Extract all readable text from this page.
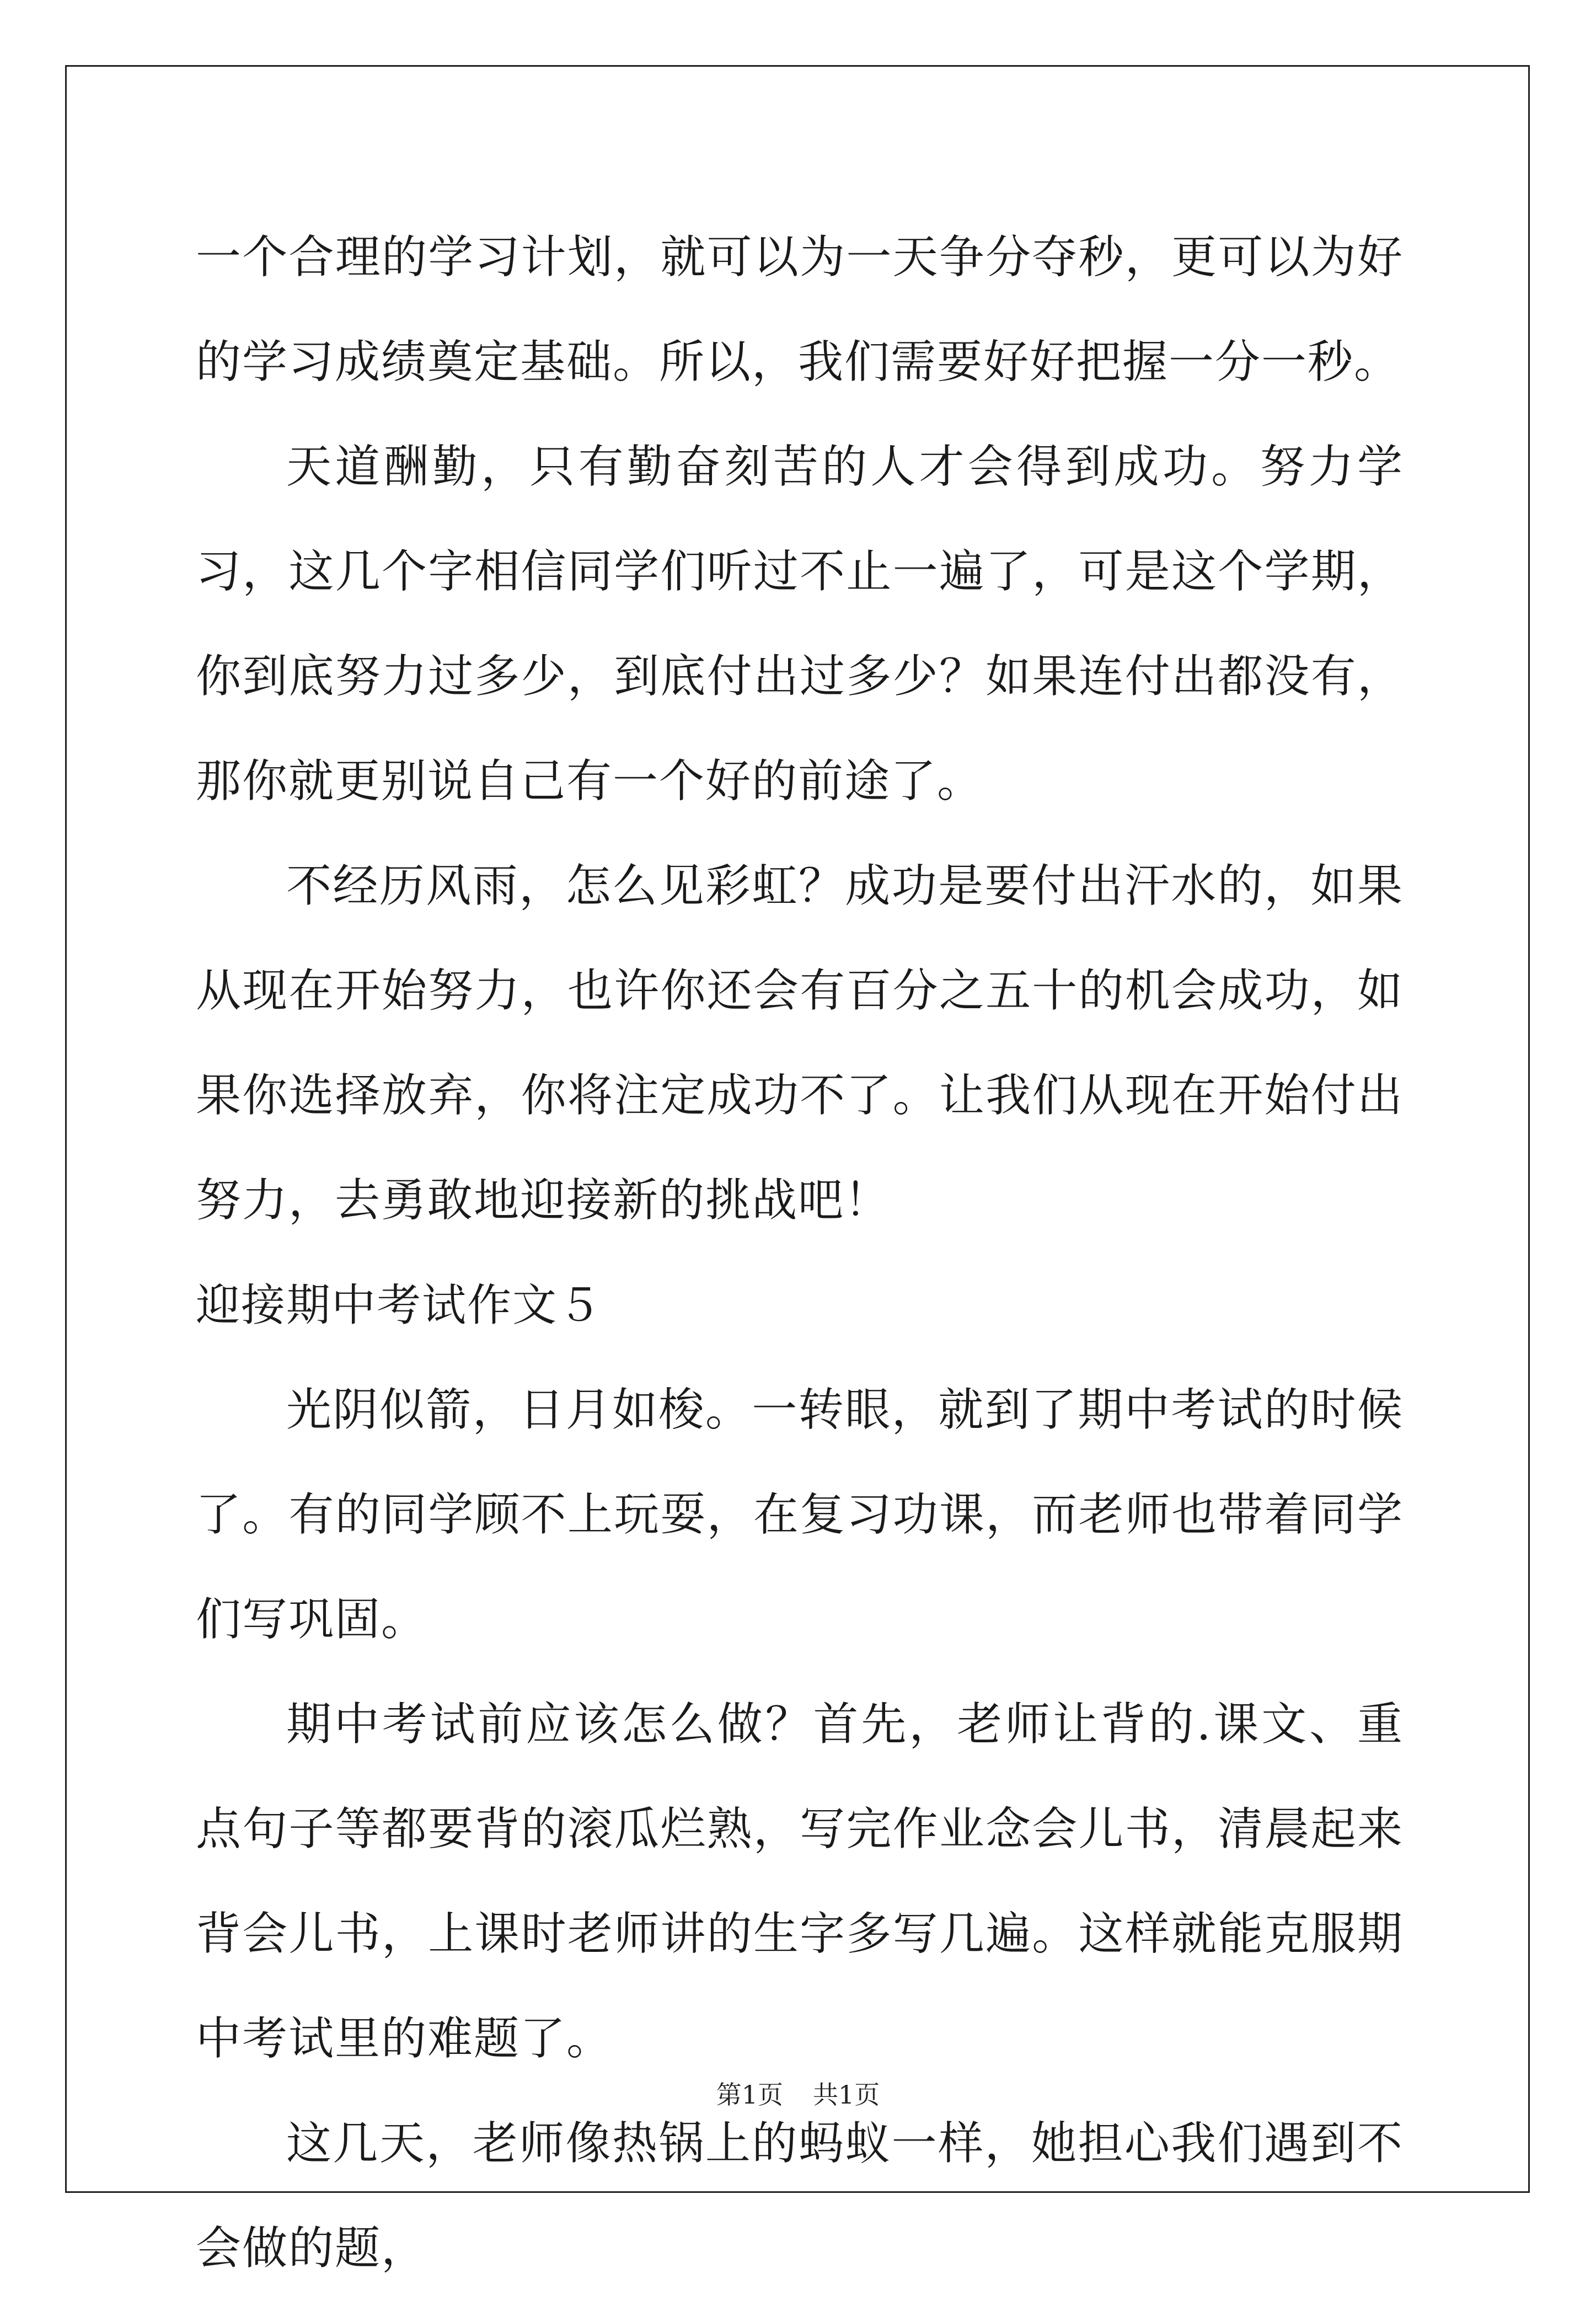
一个合理的学习计划，就可以为一天争分夺秒，更可以为好的学习成绩奠定基础。所以，我们需要好好把握一分一秒。

天道酬勤，只有勤奋刻苦的人才会得到成功。努力学习，这几个字相信同学们听过不止一遍了，可是这个学期，你到底努力过多少，到底付出过多少？如果连付出都没有，那你就更别说自己有一个好的前途了。

不经历风雨，怎么见彩虹？成功是要付出汗水的，如果从现在开始努力，也许你还会有百分之五十的机会成功，如果你选择放弃，你将注定成功不了。让我们从现在开始付出努力，去勇敢地迎接新的挑战吧！

迎接期中考试作文５

光阴似箭，日月如梭。一转眼，就到了期中考试的时候了。有的同学顾不上玩耍，在复习功课，而老师也带着同学们写巩固。

期中考试前应该怎么做？首先，老师让背的.课文、重点句子等都要背的滚瓜烂熟，写完作业念会儿书，清晨起来背会儿书，上课时老师讲的生字多写几遍。这样就能克服期中考试里的难题了。

这几天，老师像热锅上的蚂蚁一样，她担心我们遇到不会做的题，

第1页 共1页
